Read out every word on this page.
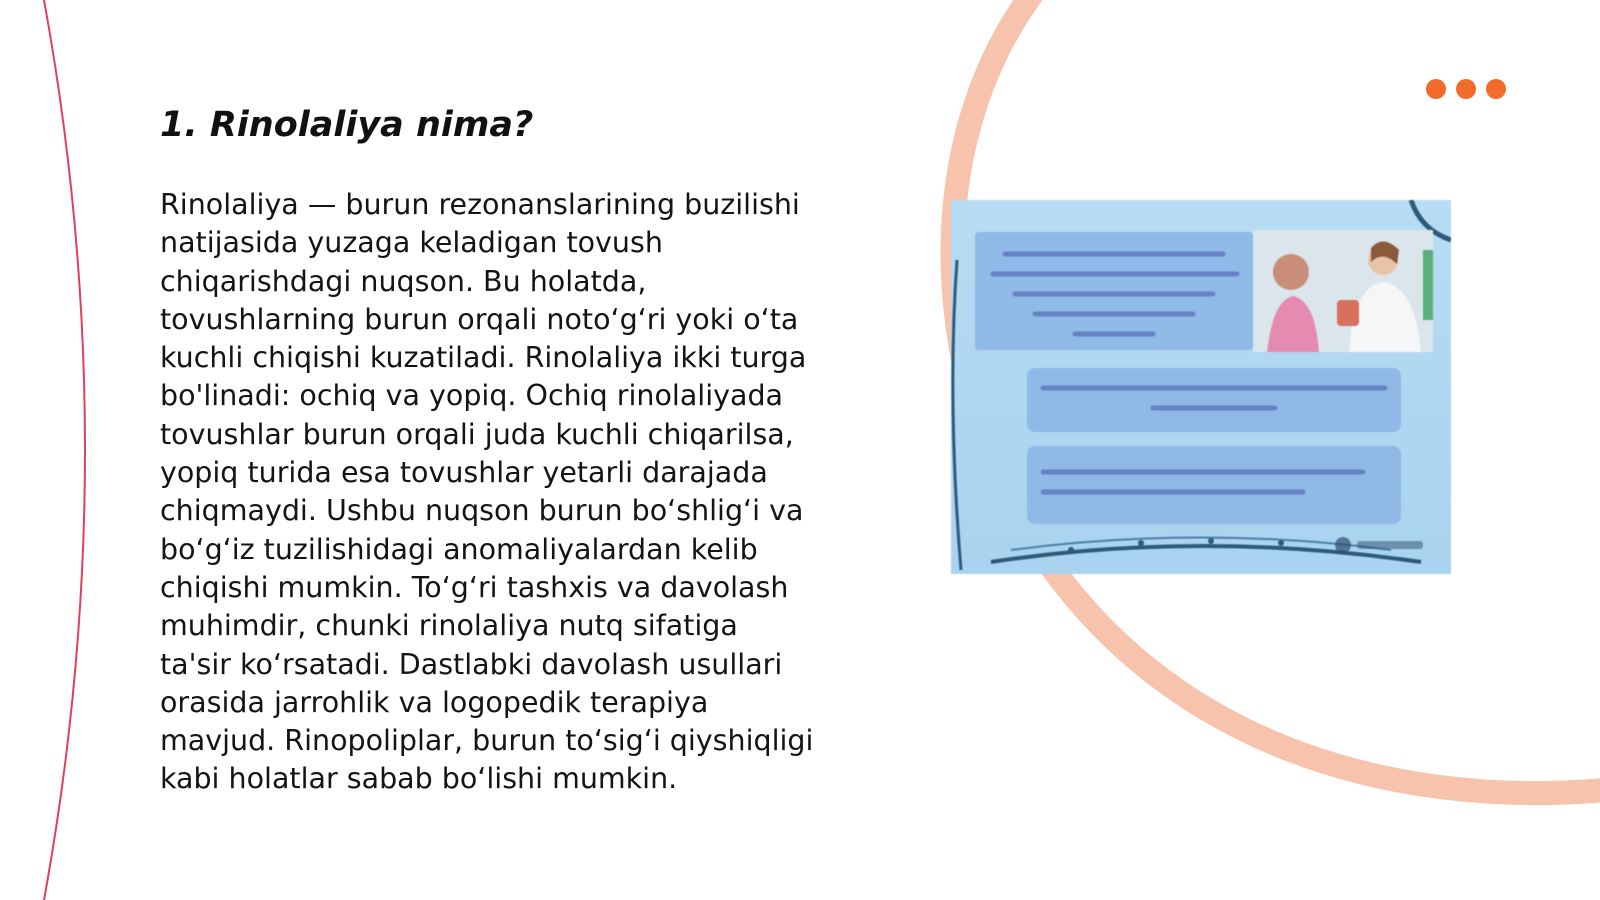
1. Rinolaliya nima?

Rinolaliya — burun rezonanslarining buzilishi
natijasida yuzaga keladigan tovush
chiqarishdagi nuqson. Bu holatda,
tovushlarning burun orqali noto‘g‘ri yoki o‘ta
kuchli chiqishi kuzatiladi. Rinolaliya ikki turga
bo'linadi: ochiq va yopiq. Ochiq rinolaliyada
tovushlar burun orqali juda kuchli chiqarilsa,
yopiq turida esa tovushlar yetarli darajada
chiqmaydi. Ushbu nuqson burun bo‘shlig‘i va
bo‘g‘iz tuzilishidagi anomaliyalardan kelib
chiqishi mumkin. To‘g‘ri tashxis va davolash
muhimdir, chunki rinolaliya nutq sifatiga
ta'sir ko‘rsatadi. Dastlabki davolash usullari
orasida jarrohlik va logopedik terapiya
mavjud. Rinopoliplar, burun to‘sig‘i qiyshiqligi
kabi holatlar sabab bo‘lishi mumkin.
